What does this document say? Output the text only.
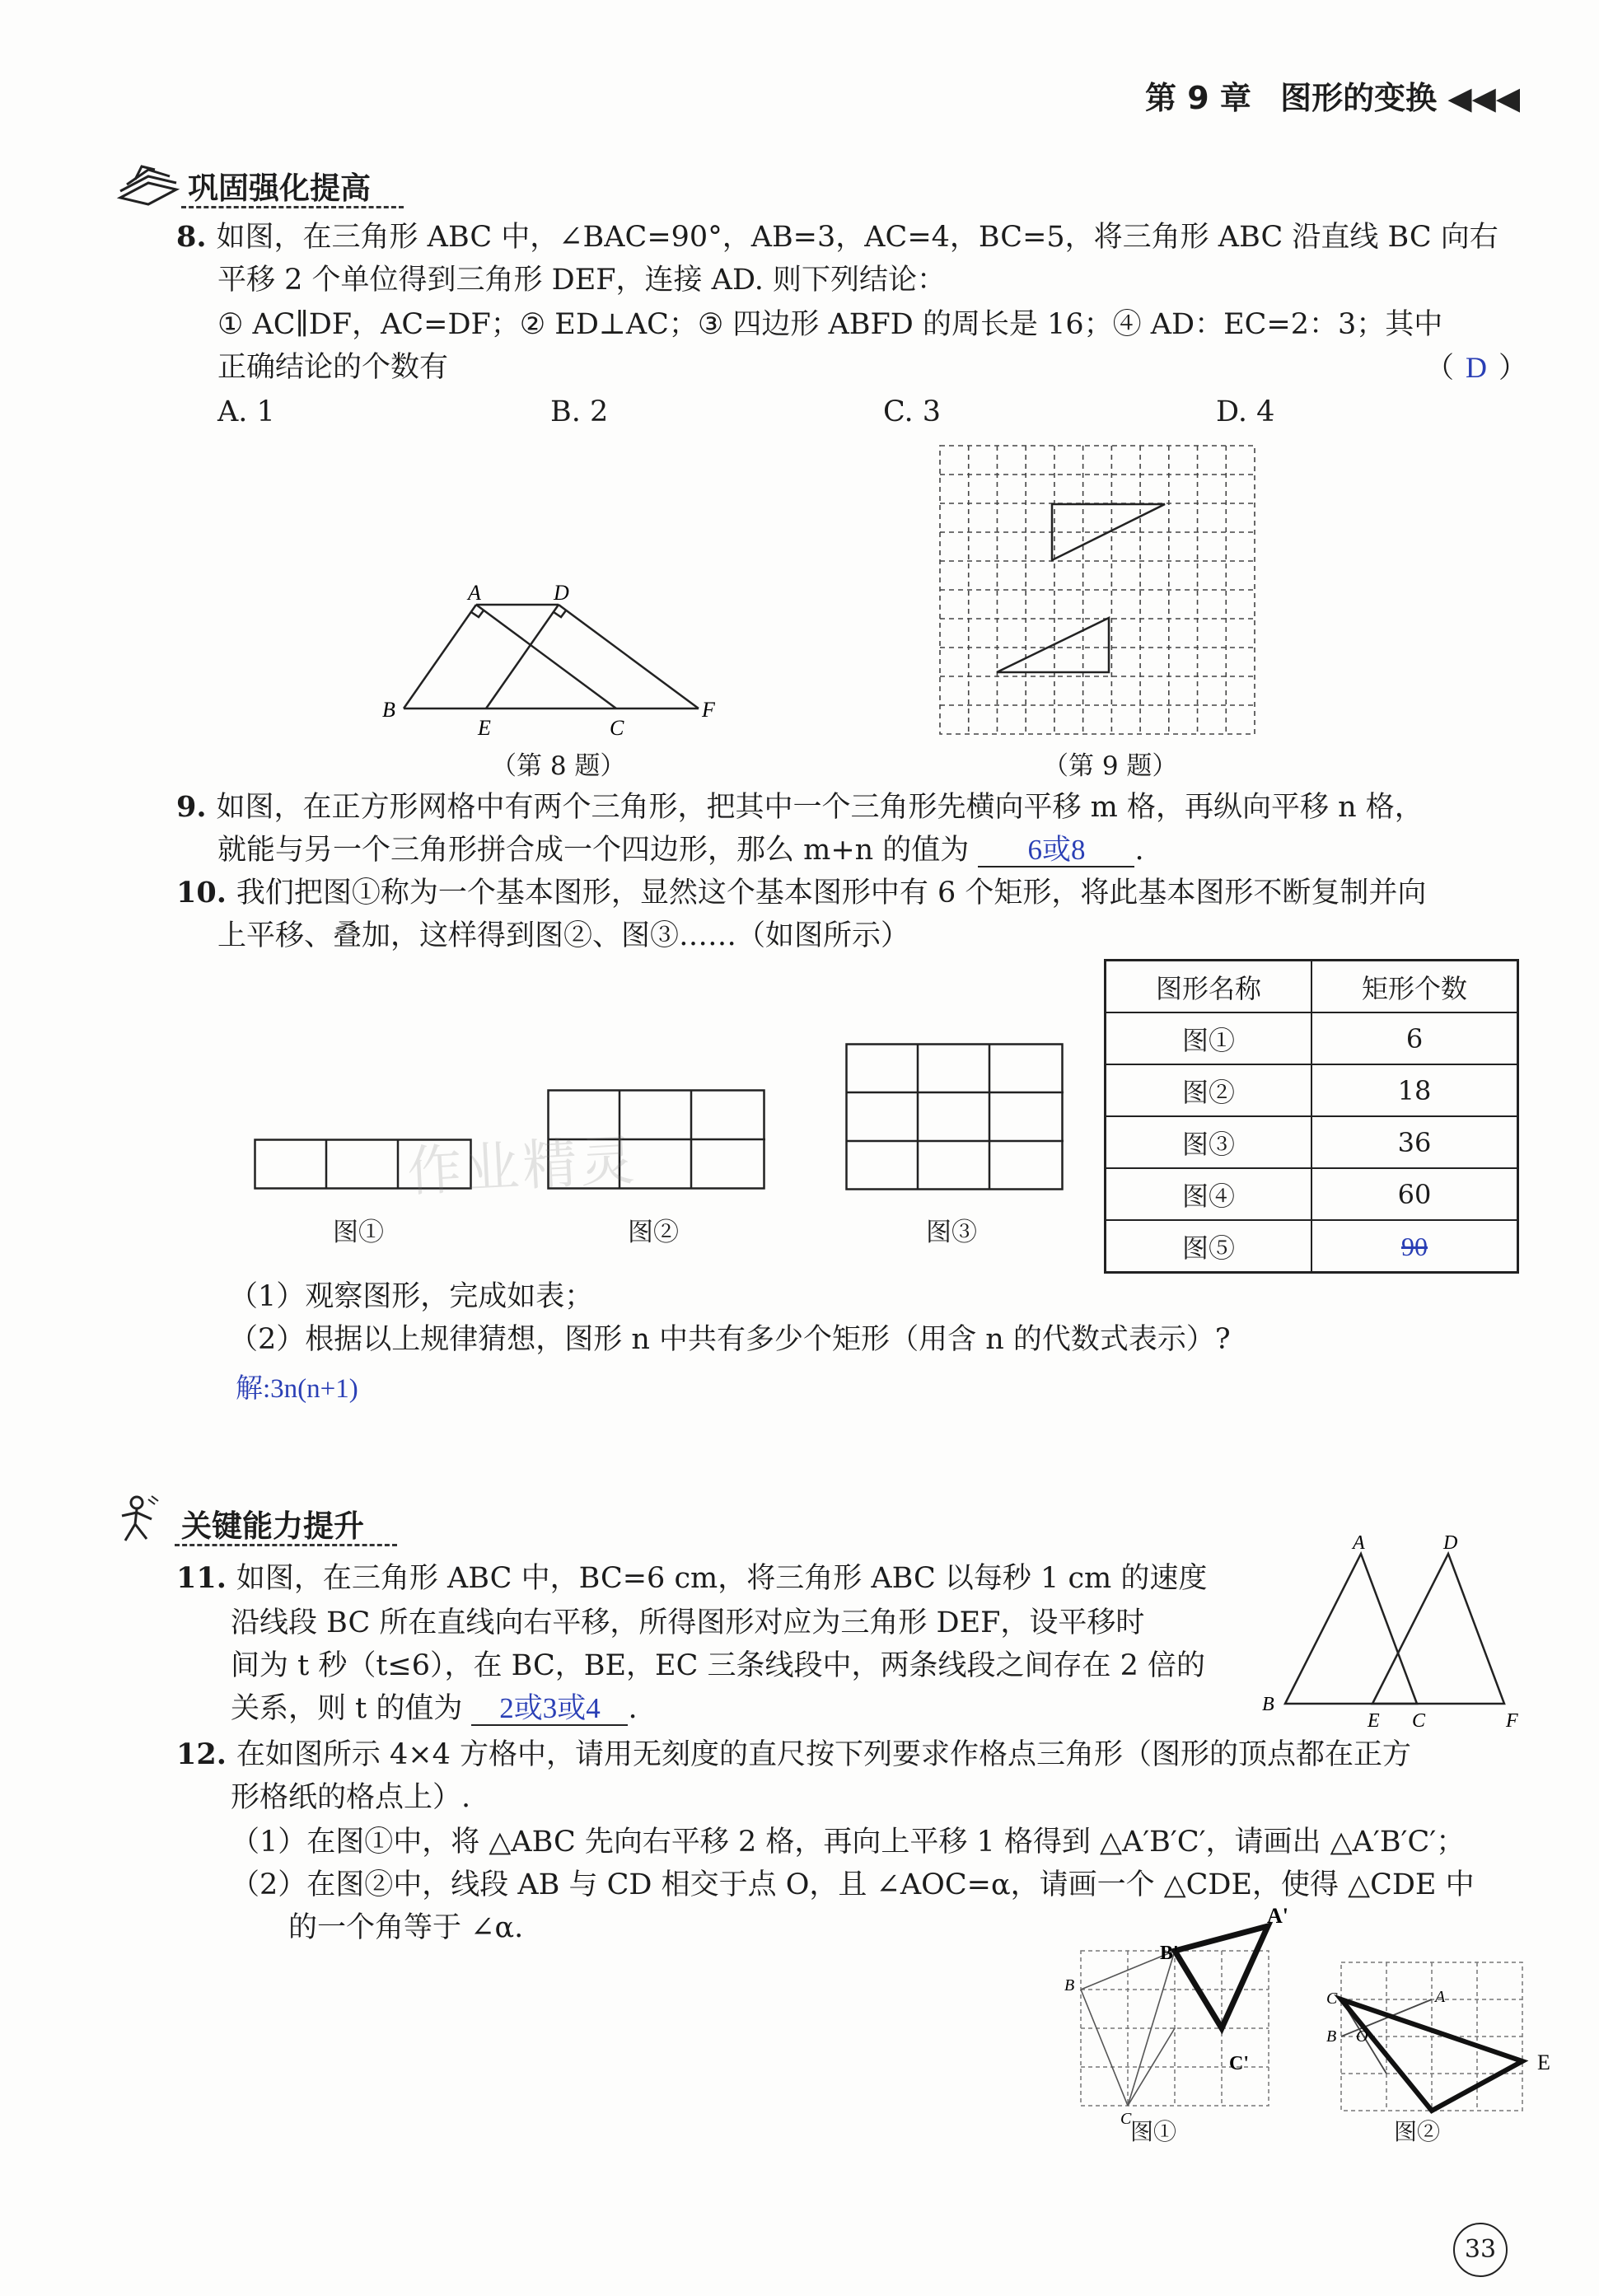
第 9 章 图形的变换 ◀◀◀
巩固强化提高
8. 如图，在三角形 ABC 中，∠BAC=90°，AB=3，AC=4，BC=5，将三角形 ABC 沿直线 BC 向右
平移 2 个单位得到三角形 DEF，连接 AD. 则下列结论：
① AC∥DF，AC=DF；② ED⊥AC；③ 四边形 ABFD 的周长是 16；④ AD：EC=2：3；其中
正确结论的个数有	（ D ）
A. 1	B. 2	C. 3	D. 4
A	D
B
E	C
F
（第 8 题）	（第 9 题）
9. 如图，在正方形网格中有两个三角形，把其中一个三角形先横向平移 m 格，再纵向平移 n 格，
就能与另一个三角形拼合成一个四边形，那么 m+n 的值为 6或8 .
10. 我们把图①称为一个基本图形，显然这个基本图形中有 6 个矩形，将此基本图形不断复制并向
上平移、叠加，这样得到图②、图③……（如图所示）
图①	图②	图③
图形名称	矩形个数
图①	6
图②	18
图③	36
图④	60
图⑤	90
（1）观察图形，完成如表；
（2）根据以上规律猜想，图形 n 中共有多少个矩形（用含 n 的代数式表示）?
解:3n(n+1)
关键能力提升
11. 如图，在三角形 ABC 中，BC=6 cm，将三角形 ABC 以每秒 1 cm 的速度
沿线段 BC 所在直线向右平移，所得图形对应为三角形 DEF，设平移时
间为 t 秒（t≤6），在 BC，BE，EC 三条线段中，两条线段之间存在 2 倍的
关系，则 t 的值为 2或3或4 .
A	D
B
E C	F
12. 在如图所示 4×4 方格中，请用无刻度的直尺按下列要求作格点三角形（图形的顶点都在正方
形格纸的格点上）.
（1）在图①中，将 △ABC 先向右平移 2 格，再向上平移 1 格得到 △A′B′C′，请画出 △A′B′C′；
（2）在图②中，线段 AB 与 CD 相交于点 O，且 ∠AOC=α，请画一个 △CDE，使得 △CDE 中
的一个角等于 ∠α.	A'
B'
C'
B
C
图①
C	A
B O
E
图②
作业精灵
33
